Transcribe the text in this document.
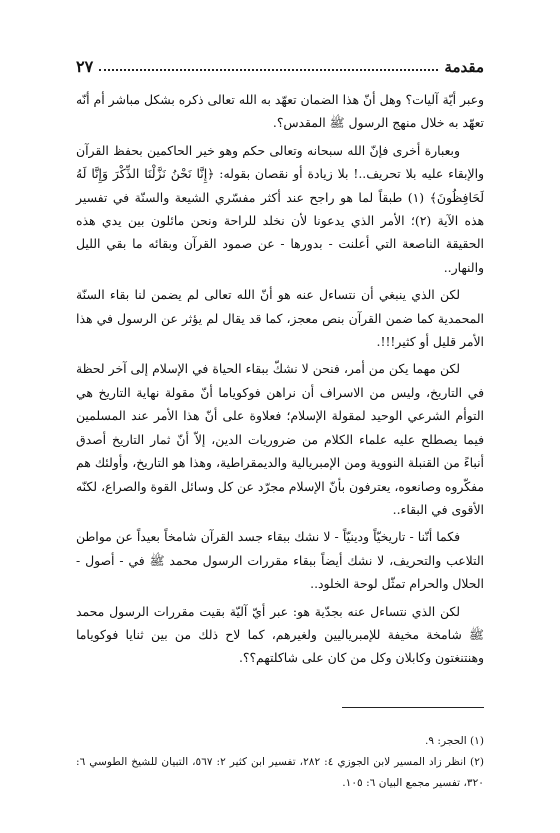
مقدمة
٢٧

وعبر أيّة آليات؟ وهل أنّ هذا الضمان تعهّد به الله تعالى ذكره بشكل مباشر أم أنّه تعهّد به خلال منهج الرسول ﷺ المقدس؟.

وبعبارة أخرى فإنّ الله سبحانه وتعالى حكم وهو خير الحاكمين بحفظ القرآن والإبقاء عليه بلا تحريف..! بلا زيادة أو نقصان بقوله: ﴿إِنَّا نَحْنُ نَزَّلْنَا الذِّكْرَ وَإِنَّا لَهُ لَحَافِظُونَ﴾ (١) طبقاً لما هو راجح عند أكثر مفسّري الشيعة والسنّة في تفسير هذه الآية (٢)؛ الأمر الذي يدعونا لأن نخلد للراحة ونحن مائلون بين يدي هذه الحقيقة الناصعة التي أعلنت - بدورها - عن صمود القرآن وبقائه ما بقي الليل والنهار..

لكن الذي ينبغي أن نتساءل عنه هو أنّ الله تعالى لم يضمن لنا بقاء السنّة المحمدية كما ضمن القرآن بنص معجز، كما قد يقال لم يؤثر عن الرسول في هذا الأمر قليل أو كثير!!!.

لكن مهما يكن من أمر، فنحن لا نشكّ ببقاء الحياة في الإسلام إلى آخر لحظة في التاريخ، وليس من الاسراف أن نراهن فوكوياما أنّ مقولة نهاية التاريخ هي التوأم الشرعي الوحيد لمقولة الإسلام؛ فعلاوة على أنّ هذا الأمر عند المسلمين فيما يصطلح عليه علماء الكلام من ضروريات الدين، إلاّ أنّ ثمار التاريخ أصدق أنباءً من القنبلة النووية ومن الإمبريالية والديمقراطية، وهذا هو التاريخ، وأولئك هم مفكّروه وصانعوه، يعترفون بأنّ الإسلام مجرّد عن كل وسائل القوة والصراع، لكنّه الأقوى في البقاء..

فكما أنّنا - تاريخيّاً ودينيّاً - لا نشك ببقاء جسد القرآن شامخاً بعيداً عن مواطن التلاعب والتحريف، لا نشك أيضاً ببقاء مقررات الرسول محمد ﷺ في - أصول - الحلال والحرام تمثّل لوحة الخلود..

لكن الذي نتساءل عنه بجدّية هو: عبر أيّ آليّة بقيت مقررات الرسول محمد ﷺ شامخة مخيفة للإمبرياليين ولغيرهم، كما لاح ذلك من بين ثنايا فوكوياما وهنتنغتون وكابلان وكل من كان على شاكلتهم؟؟.

(١) الحجر: ٩.
(٢) انظر زاد المسير لابن الجوزي ٤: ٢٨٢، تفسير ابن كثير ٢: ٥٦٧، التبيان للشيخ الطوسي ٦: ٣٢٠، تفسير مجمع البيان ٦: ١٠٥.
